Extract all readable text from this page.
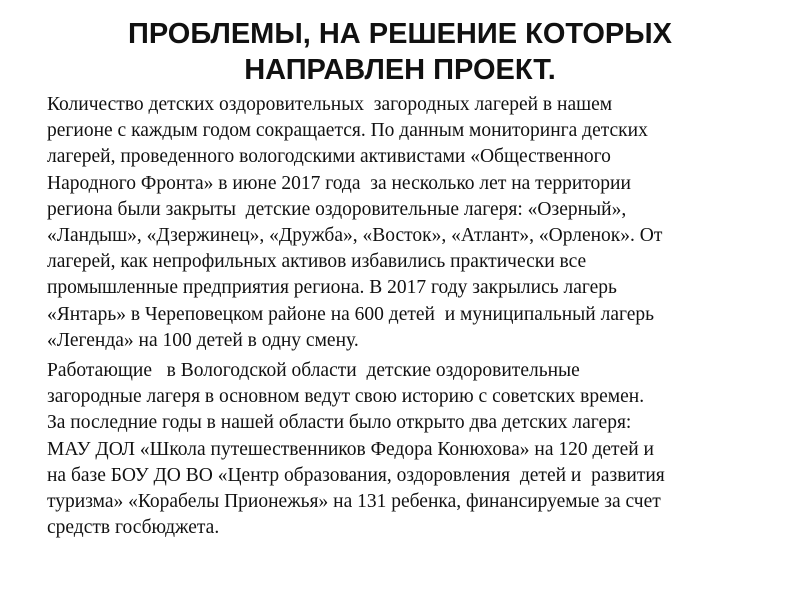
ПРОБЛЕМЫ, НА РЕШЕНИЕ КОТОРЫХ
НАПРАВЛЕН ПРОЕКТ.

Количество детских оздоровительных  загородных лагерей в нашем
регионе с каждым годом сокращается. По данным мониторинга детских
лагерей, проведенного вологодскими активистами «Общественного
Народного Фронта» в июне 2017 года  за несколько лет на территории
региона были закрыты  детские оздоровительные лагеря: «Озерный»,
«Ландыш», «Дзержинец», «Дружба», «Восток», «Атлант», «Орленок». От
лагерей, как непрофильных активов избавились практически все
промышленные предприятия региона. В 2017 году закрылись лагерь
«Янтарь» в Череповецком районе на 600 детей  и муниципальный лагерь
«Легенда» на 100 детей в одну смену.

Работающие   в Вологодской области  детские оздоровительные
загородные лагеря в основном ведут свою историю с советских времен.
За последние годы в нашей области было открыто два детских лагеря:
МАУ ДОЛ «Школа путешественников Федора Конюхова» на 120 детей и
на базе БОУ ДО ВО «Центр образования, оздоровления  детей и  развития
туризма» «Корабелы Прионежья» на 131 ребенка, финансируемые за счет
средств госбюджета.
